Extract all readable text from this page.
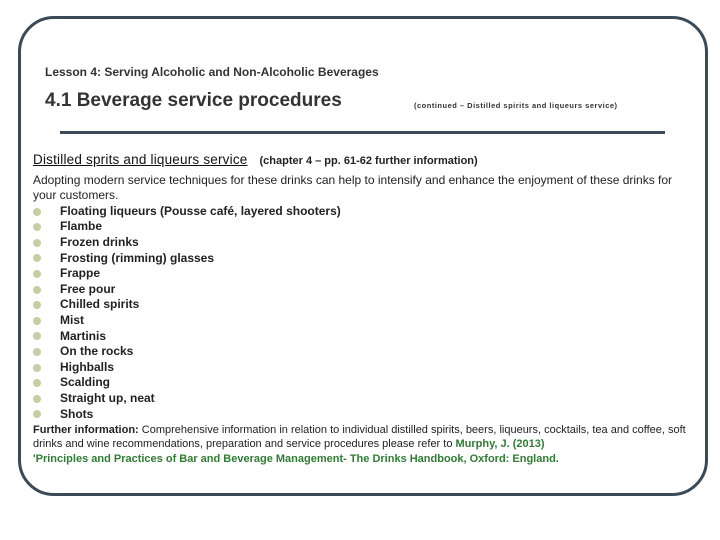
Lesson 4: Serving Alcoholic and Non-Alcoholic Beverages
4.1 Beverage service procedures	(continued – Distilled spirits and liqueurs service)
Distilled sprits and liqueurs service (chapter 4 – pp. 61-62 further information)
Adopting modern service techniques for these drinks can help to intensify and enhance the enjoyment of these drinks for your customers.
Floating liqueurs (Pousse café, layered shooters)
Flambe
Frozen drinks
Frosting (rimming) glasses
Frappe
Free pour
Chilled spirits
Mist
Martinis
On the rocks
Highballs
Scalding
Straight up, neat
Shots
Further information: Comprehensive information in relation to individual distilled spirits, beers, liqueurs, cocktails, tea and coffee, soft drinks and wine recommendations, preparation and service procedures please refer to Murphy, J. (2013)
'Principles and Practices of Bar and Beverage Management- The Drinks Handbook, Oxford: England.
